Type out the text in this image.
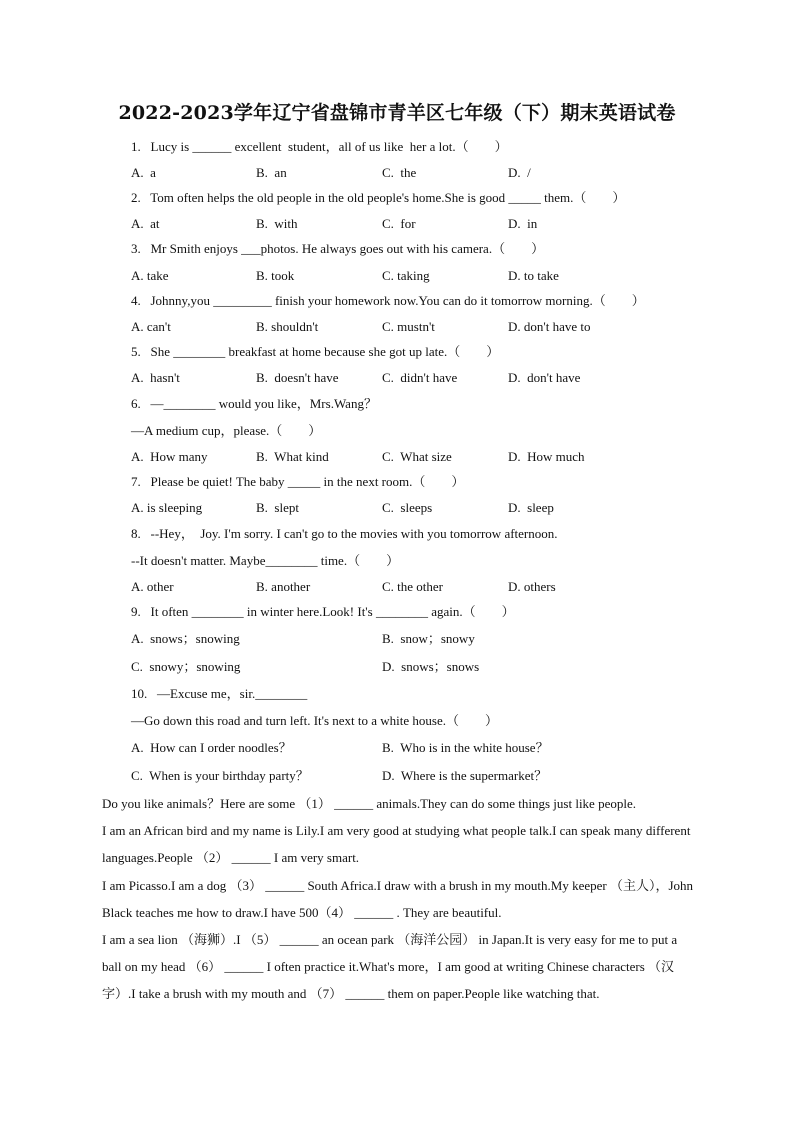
2022-2023学年辽宁省盘锦市青羊区七年级（下）期末英语试卷
1.   Lucy is ______ excellent  student，all of us like  her a lot.（        ）
A.  a	B.  an	C.  the	D.  /
2.   Tom often helps the old people in the old people's home.She is good _____ them.（        ）
A.  at	B.  with	C.  for	D.  in
3.   Mr Smith enjoys ___photos. He always goes out with his camera.（        ）
A. take	B. took	C. taking	D. to take
4.   Johnny,you _________ finish your homework now.You can do it tomorrow morning.（        ）
A. can't	B. shouldn't	C. mustn't	D. don't have to
5.   She ________ breakfast at home because she got up late.（        ）
A.  hasn't	B.  doesn't have	C.  didn't have	D.  don't have
6.   —________ would you like，Mrs.Wang？
—A medium cup，please.（        ）
A.  How many	B.  What kind	C.  What size	D.  How much
7.   Please be quiet! The baby _____ in the next room.（        ）
A. is sleeping	B.  slept	C.  sleeps	D.  sleep
8.   --Hey，  Joy. I'm sorry. I can't go to the movies with you tomorrow afternoon.
--It doesn't matter. Maybe________ time.（        ）
A. other	B. another	C. the other	D. others
9.   It often ________ in winter here.Look! It's ________ again.（        ）
A.  snows；snowing	B.  snow；snowy
C.  snowy；snowing	D.  snows；snows
10.   —Excuse me，sir.________
—Go down this road and turn left. It's next to a white house.（        ）
A.  How can I order noodles？	B.  Who is in the white house？
C.  When is your birthday party？	D.  Where is the supermarket？

Do you like animals？Here are some （1） ______ animals.They can do some things just like people.

I am an African bird and my name is Lily.I am very good at studying what people talk.I can speak many different languages.People （2） ______ I am very smart.

I am Picasso.I am a dog （3） ______ South Africa.I draw with a brush in my mouth.My keeper （主人），John Black teaches me how to draw.I have 500（4） ______ . They are beautiful.

I am a sea lion （海狮）.I （5） ______ an ocean park （海洋公园） in Japan.It is very easy for me to put a ball on my head （6） ______ I often practice it.What's more，I am good at writing Chinese characters （汉字）.I take a brush with my mouth and （7） ______ them on paper.People like watching that.
